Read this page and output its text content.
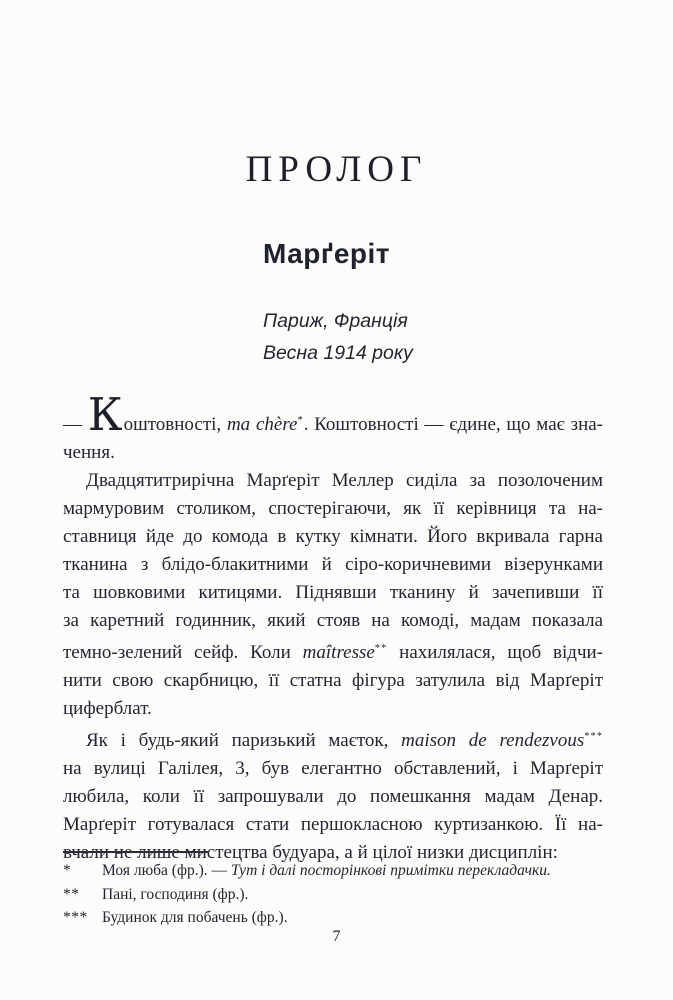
ПРОЛОГ
Марґеріт
Париж, Франція
Весна 1914 року
— Коштовності, ma chère*. Коштовності — єдине, що має зна-
чення.
Двадцятитрирічна Марґеріт Меллер сиділа за позолоченим
мармуровим столиком, спостерігаючи, як її керівниця та на-
ставниця йде до комода в кутку кімнати. Його вкривала гарна
тканина з блідо-блакитними й сіро-коричневими візерунками
та шовковими китицями. Піднявши тканину й зачепивши її
за каретний годинник, який стояв на комоді, мадам показала
темно-зелений сейф. Коли maîtresse** нахилялася, щоб відчи-
нити свою скарбницю, її статна фігура затулила від Марґеріт
циферблат.
Як і будь-який паризький маєток, maison de rendezvous***
на вулиці Галілея, 3, був елегантно обставлений, і Марґеріт
любила, коли її запрошували до помешкання мадам Денар.
Марґеріт готувалася стати першокласною куртизанкою. Її на-
вчали не лише мистецтва будуара, а й цілої низки дисциплін:
*	Моя люба (фр.). — Тут і далі посторінкові примітки перекладачки.
**	Пані, господиня (фр.).
*** Будинок для побачень (фр.).
7
